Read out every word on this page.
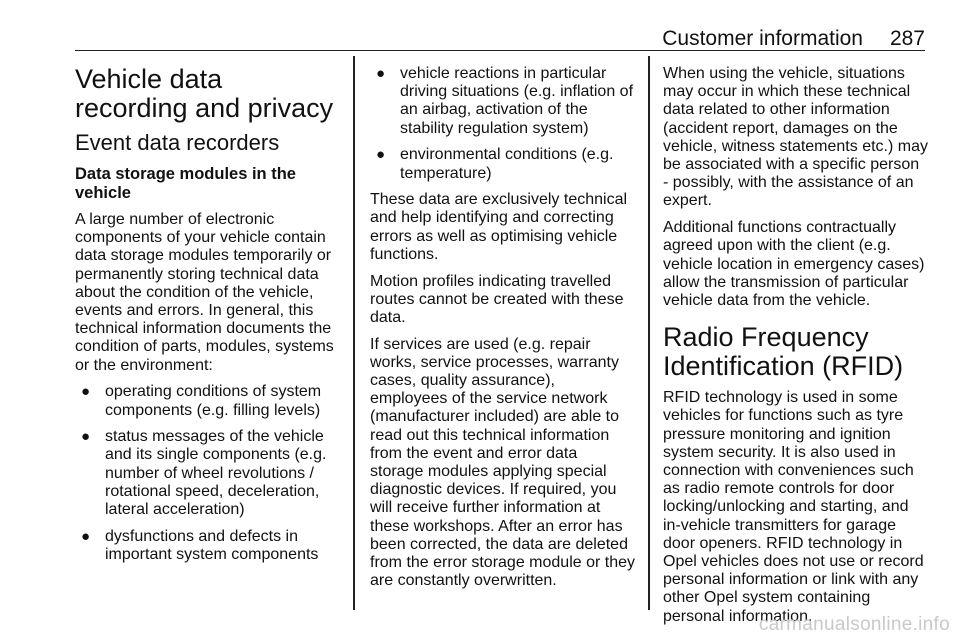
Customer information 287
Vehicle data recording and privacy
Event data recorders
Data storage modules in the vehicle

A large number of electronic components of your vehicle contain data storage modules temporarily or permanently storing technical data about the condition of the vehicle, events and errors. In general, this technical information documents the condition of parts, modules, systems or the environment:

● operating conditions of system components (e.g. filling levels)
● status messages of the vehicle and its single components (e.g. number of wheel revolutions / rotational speed, deceleration, lateral acceleration)
● dysfunctions and defects in important system components
● vehicle reactions in particular driving situations (e.g. inflation of an airbag, activation of the stability regulation system)
● environmental conditions (e.g. temperature)

These data are exclusively technical and help identifying and correcting errors as well as optimising vehicle functions.

Motion profiles indicating travelled routes cannot be created with these data.

If services are used (e.g. repair works, service processes, warranty cases, quality assurance), employees of the service network (manufacturer included) are able to read out this technical information from the event and error data storage modules applying special diagnostic devices. If required, you will receive further information at these workshops. After an error has been corrected, the data are deleted from the error storage module or they are constantly overwritten.

When using the vehicle, situations may occur in which these technical data related to other information (accident report, damages on the vehicle, witness statements etc.) may be associated with a specific person - possibly, with the assistance of an expert.

Additional functions contractually agreed upon with the client (e.g. vehicle location in emergency cases) allow the transmission of particular vehicle data from the vehicle.

Radio Frequency Identification (RFID)

RFID technology is used in some vehicles for functions such as tyre pressure monitoring and ignition system security. It is also used in connection with conveniences such as radio remote controls for door locking/unlocking and starting, and in-vehicle transmitters for garage door openers. RFID technology in Opel vehicles does not use or record personal information or link with any other Opel system containing personal information.

carmanualsonline.info
